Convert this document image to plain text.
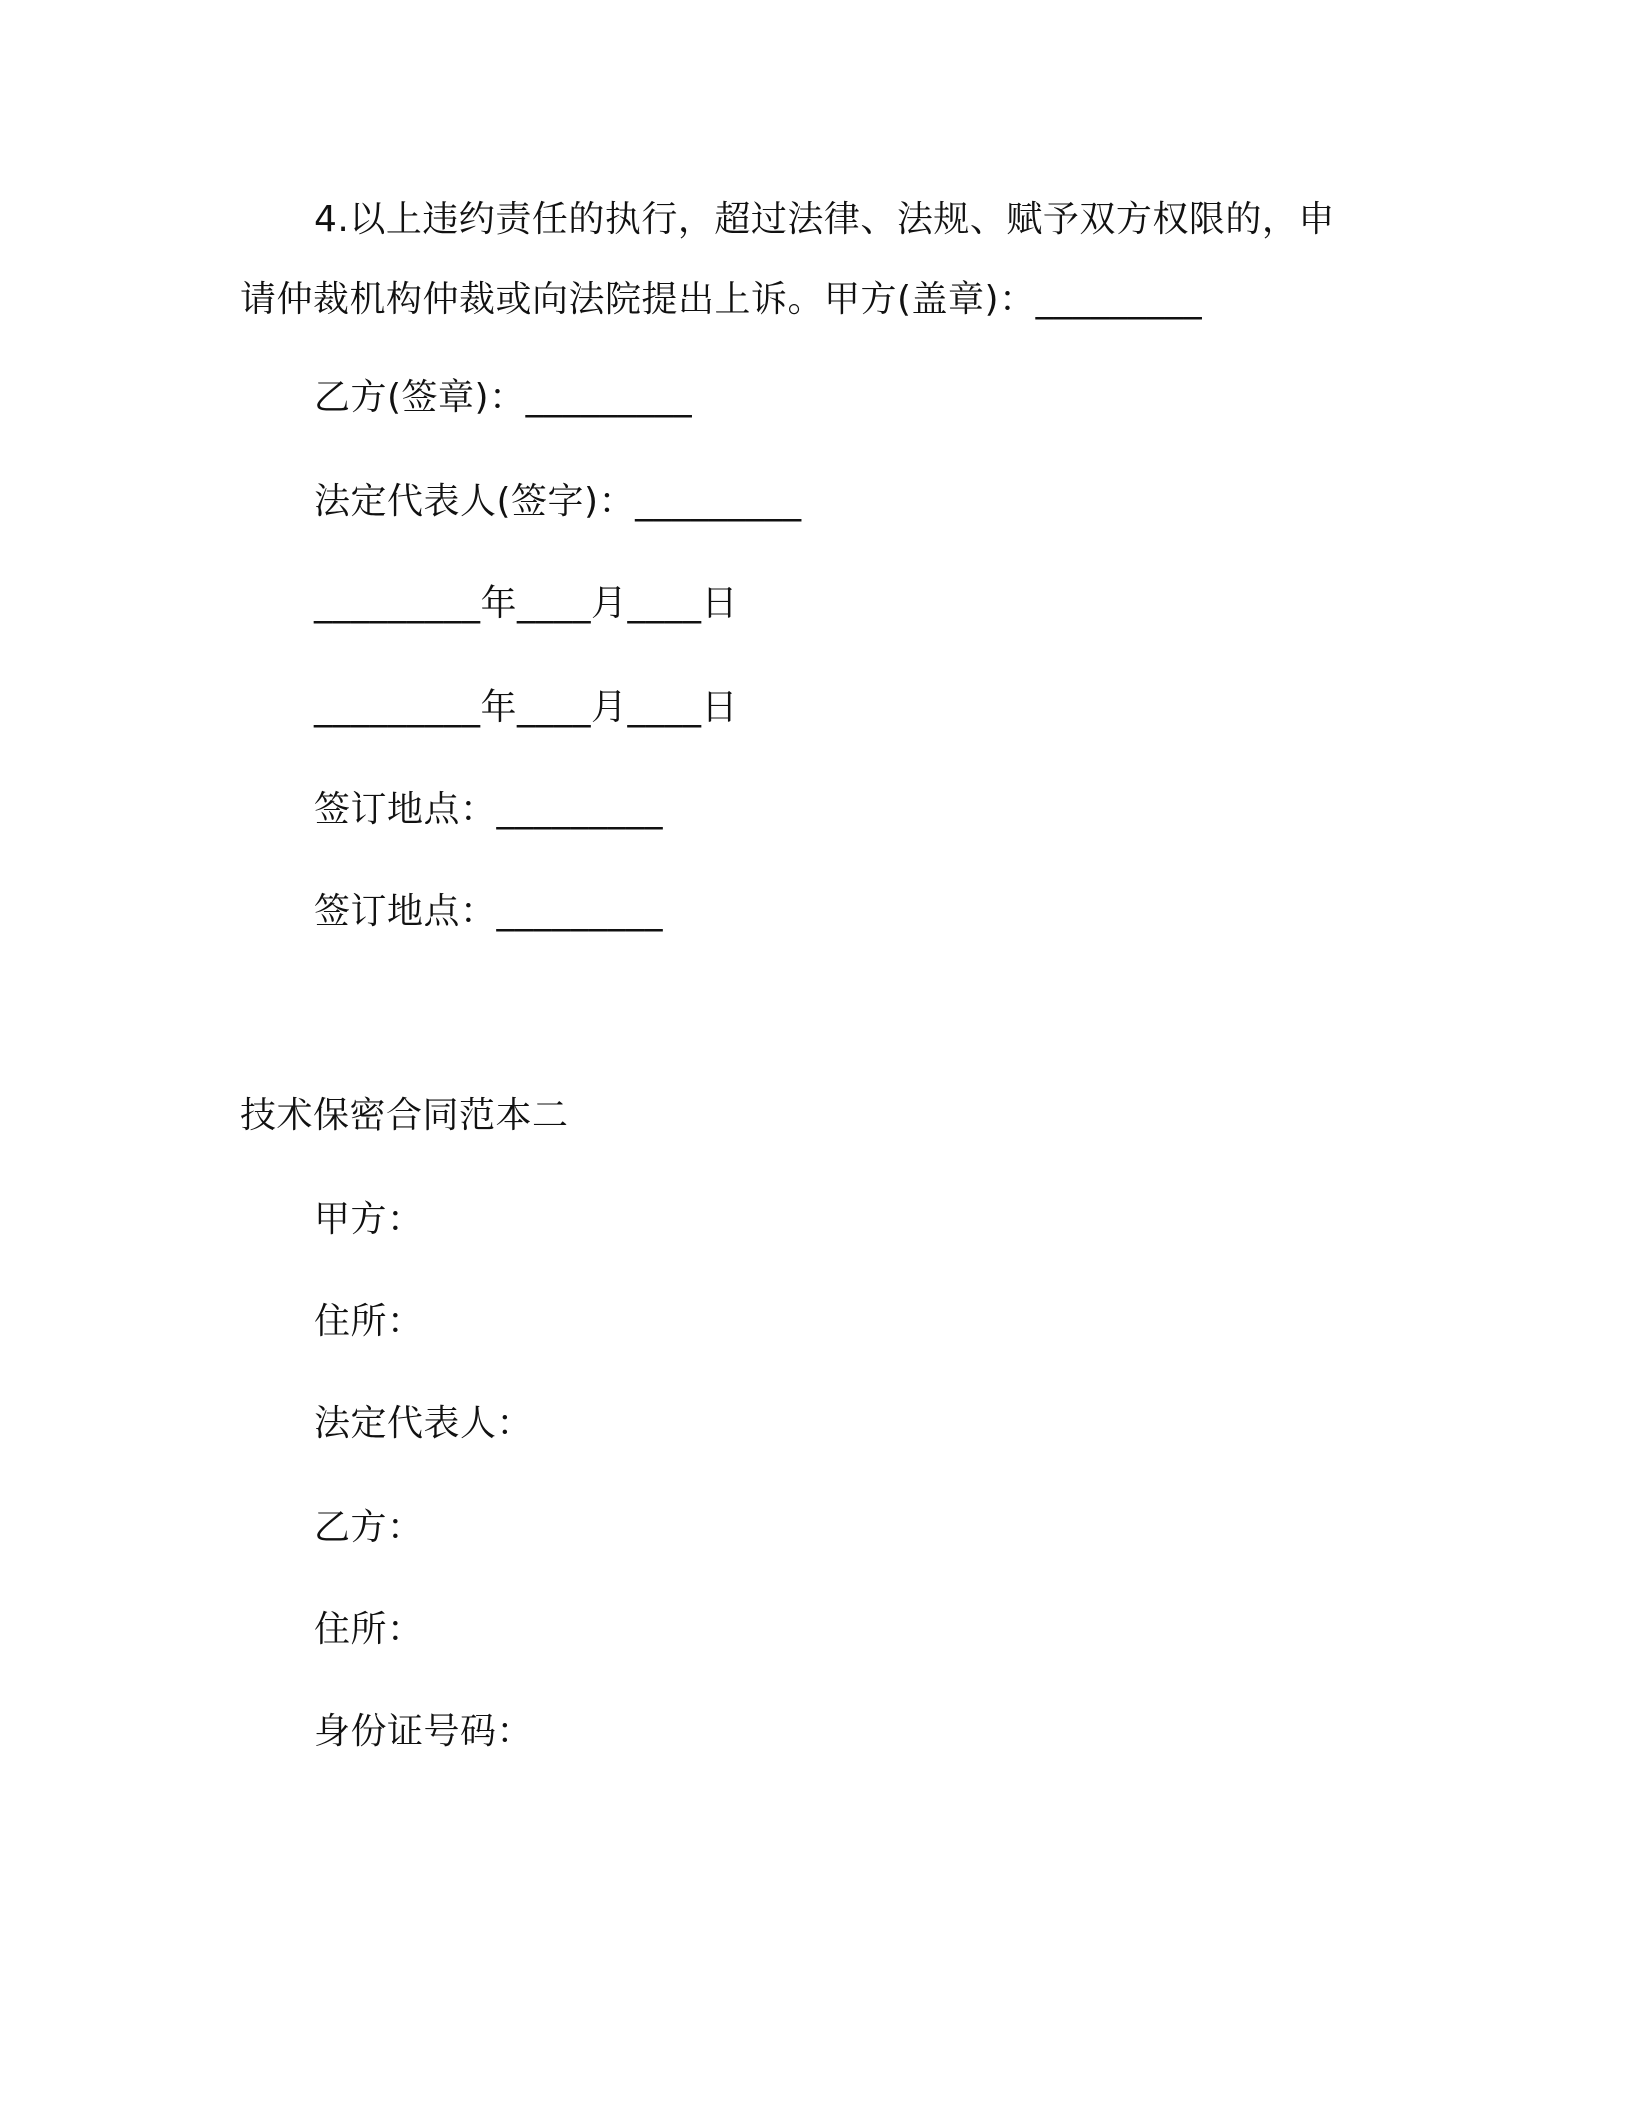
4.以上违约责任的执行，超过法律、法规、赋予双方权限的，申
请仲裁机构仲裁或向法院提出上诉。甲方(盖章)：_________
乙方(签章)：_________
法定代表人(签字)：_________
_________年____月____日
_________年____月____日
签订地点：_________
签订地点：_________
技术保密合同范本二
甲方：
住所：
法定代表人：
乙方：
住所：
身份证号码：
